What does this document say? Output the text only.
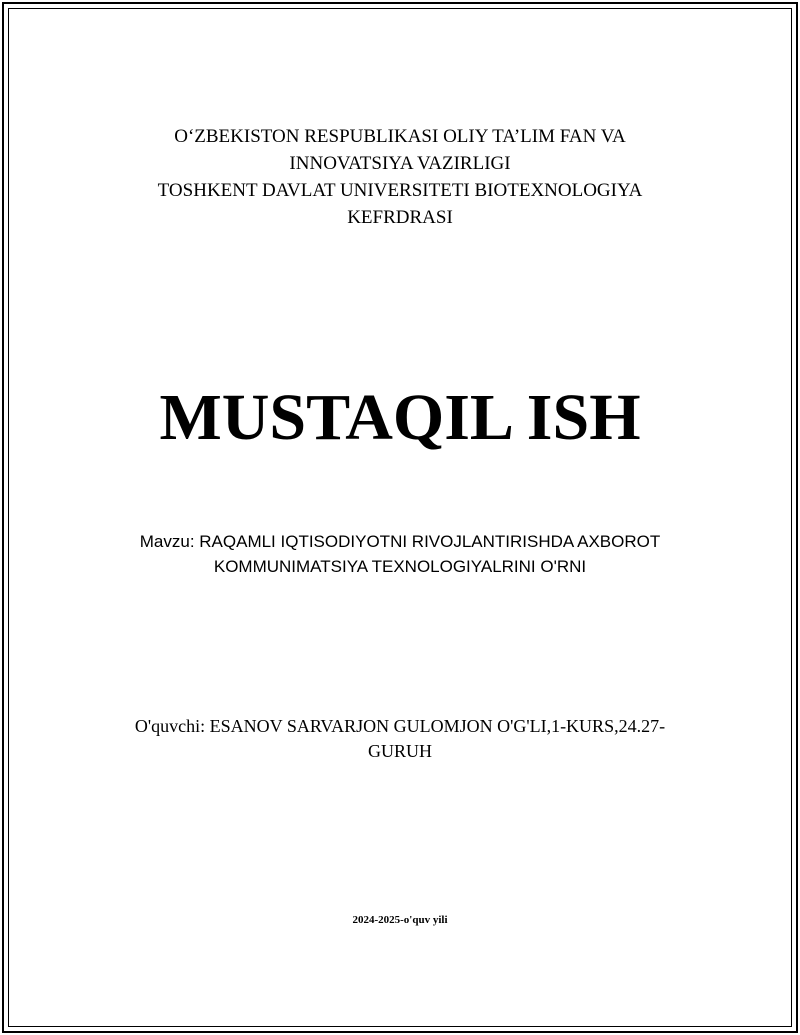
O‘ZBEKISTON RESPUBLIKASI OLIY TA’LIM FAN VA
INNOVATSIYA VAZIRLIGI
TOSHKENT DAVLAT UNIVERSITETI BIOTEXNOLOGIYA
KEFRDRASI
MUSTAQIL ISH
Mavzu: RAQAMLI IQTISODIYOTNI RIVOJLANTIRISHDA AXBOROT
KOMMUNIMATSIYA TEXNOLOGIYALRINI O'RNI
O'quvchi: ESANOV SARVARJON GULOMJON O'G'LI,1-KURS,24.27-
GURUH
2024-2025-o'quv yili
